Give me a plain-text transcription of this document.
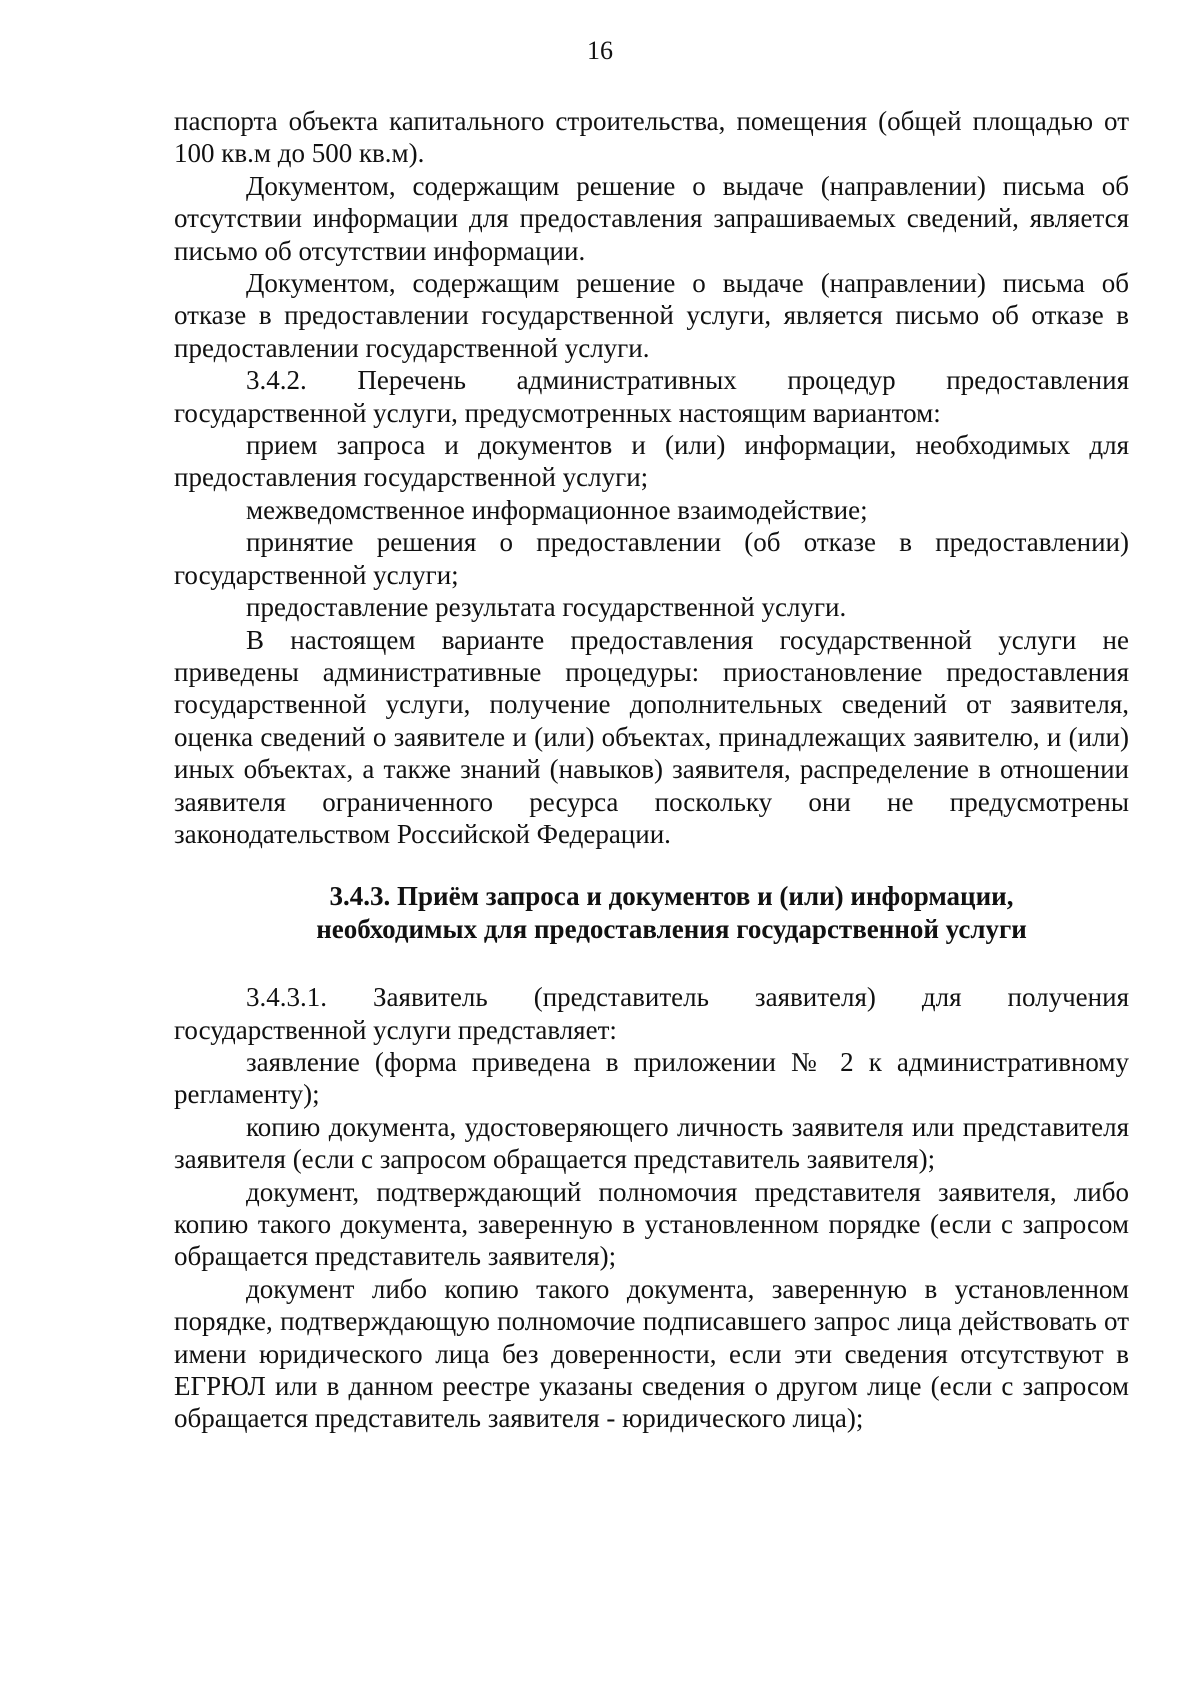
16

паспорта объекта капитального строительства, помещения (общей площадью от 100 кв.м до 500 кв.м).

Документом, содержащим решение о выдаче (направлении) письма об отсутствии информации для предоставления запрашиваемых сведений, является письмо об отсутствии информации.

Документом, содержащим решение о выдаче (направлении) письма об отказе в предоставлении государственной услуги, является письмо об отказе в предоставлении государственной услуги.

3.4.2. Перечень административных процедур предоставления государственной услуги, предусмотренных настоящим вариантом:

прием запроса и документов и (или) информации, необходимых для предоставления государственной услуги;

межведомственное информационное взаимодействие;

принятие решения о предоставлении (об отказе в предоставлении) государственной услуги;

предоставление результата государственной услуги.

В настоящем варианте предоставления государственной услуги не приведены административные процедуры: приостановление предоставления государственной услуги, получение дополнительных сведений от заявителя, оценка сведений о заявителе и (или) объектах, принадлежащих заявителю, и (или) иных объектах, а также знаний (навыков) заявителя, распределение в отношении заявителя ограниченного ресурса поскольку они не предусмотрены законодательством Российской Федерации.

3.4.3. Приём запроса и документов и (или) информации,
необходимых для предоставления государственной услуги

3.4.3.1. Заявитель (представитель заявителя) для получения государственной услуги представляет:

заявление (форма приведена в приложении № 2 к административному регламенту);

копию документа, удостоверяющего личность заявителя или представителя заявителя (если с запросом обращается представитель заявителя);

документ, подтверждающий полномочия представителя заявителя, либо копию такого документа, заверенную в установленном порядке (если с запросом обращается представитель заявителя);

документ либо копию такого документа, заверенную в установленном порядке, подтверждающую полномочие подписавшего запрос лица действовать от имени юридического лица без доверенности, если эти сведения отсутствуют в ЕГРЮЛ или в данном реестре указаны сведения о другом лице (если с запросом обращается представитель заявителя - юридического лица);
